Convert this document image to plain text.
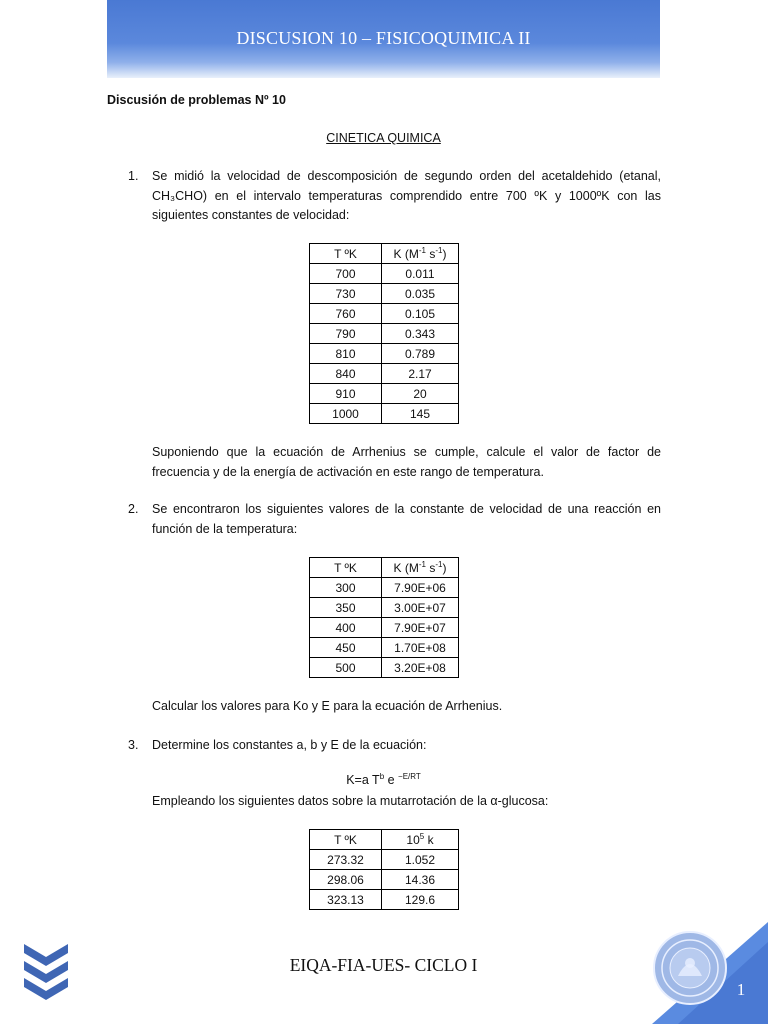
DISCUSION 10 – FISICOQUIMICA II
Discusión de problemas Nº 10
CINETICA QUIMICA
1. Se midió la velocidad de descomposición de segundo orden del acetaldehido (etanal, CH₃CHO) en el intervalo temperaturas comprendido entre 700 ºK y 1000ºK con las siguientes constantes de velocidad:
T ºK	K ($M^{-1}$ $s^{-1}$)
700	0.011
730	0.035
760	0.105
790	0.343
810	0.789
840	2.17
910	20
1000	145
Suponiendo que la ecuación de Arrhenius se cumple, calcule el valor de factor de frecuencia y de la energía de activación en este rango de temperatura.
2. Se encontraron los siguientes valores de la constante de velocidad de una reacción en función de la temperatura:
T ºK	K ($M^{-1}$ $s^{-1}$)
300	7.90E+06
350	3.00E+07
400	7.90E+07
450	1.70E+08
500	3.20E+08
Calcular los valores para Ko y E para la ecuación de Arrhenius.
3. Determine los constantes a, b y E de la ecuación:
K=a $T^b$ e $^{-E/RT}$
Empleando los siguientes datos sobre la mutarrotación de la α-glucosa:
T ºK	$10^5$ k
273.32	1.052
298.06	14.36
323.13	129.6
EIQA-FIA-UES- CICLO I
1
